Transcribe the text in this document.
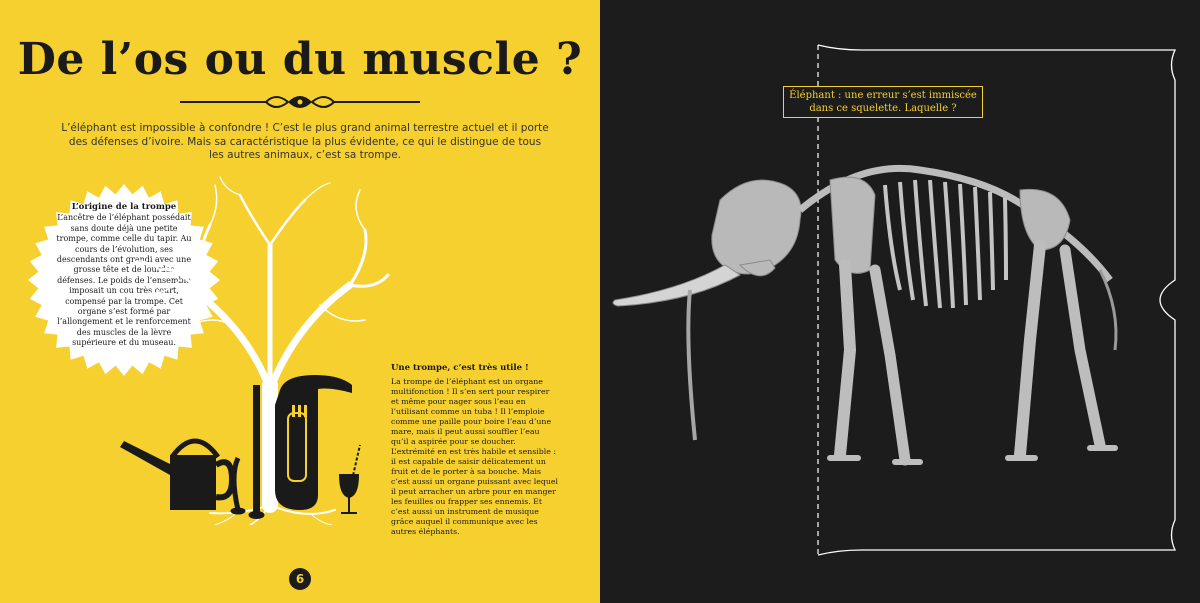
De l’os ou du muscle ?

L’éléphant est impossible à confondre ! C’est le plus grand animal terrestre actuel et il porte des défenses d’ivoire. Mais sa caractéristique la plus évidente, ce qui le distingue de tous les autres animaux, c’est sa trompe.

L’origine de la trompe
L’ancêtre de l’éléphant possédait sans doute déjà une petite trompe, comme celle du tapir. Au cours de l’évolution, ses descendants ont grandi avec une grosse tête et de lourdes défenses. Le poids de l’ensemble imposait un cou très court, compensé par la trompe. Cet organe s’est formé par l’allongement et le renforcement des muscles de la lèvre supérieure et du museau.
Une trompe, c’est très utile !
La trompe de l’éléphant est un organe multifonction ! Il s’en sert pour respirer et même pour nager sous l’eau en l’utilisant comme un tuba ! Il l’emploie comme une paille pour boire l’eau d’une mare, mais il peut aussi souffler l’eau qu’il a aspirée pour se doucher. L’extrémité en est très habile et sensible : il est capable de saisir délicatement un fruit et de le porter à sa bouche. Mais c’est aussi un organe puissant avec lequel il peut arracher un arbre pour en manger les feuilles ou frapper ses ennemis. Et c’est aussi un instrument de musique grâce auquel il communique avec les autres éléphants.
6
Éléphant : une erreur s’est immiscée dans ce squelette. Laquelle ?
